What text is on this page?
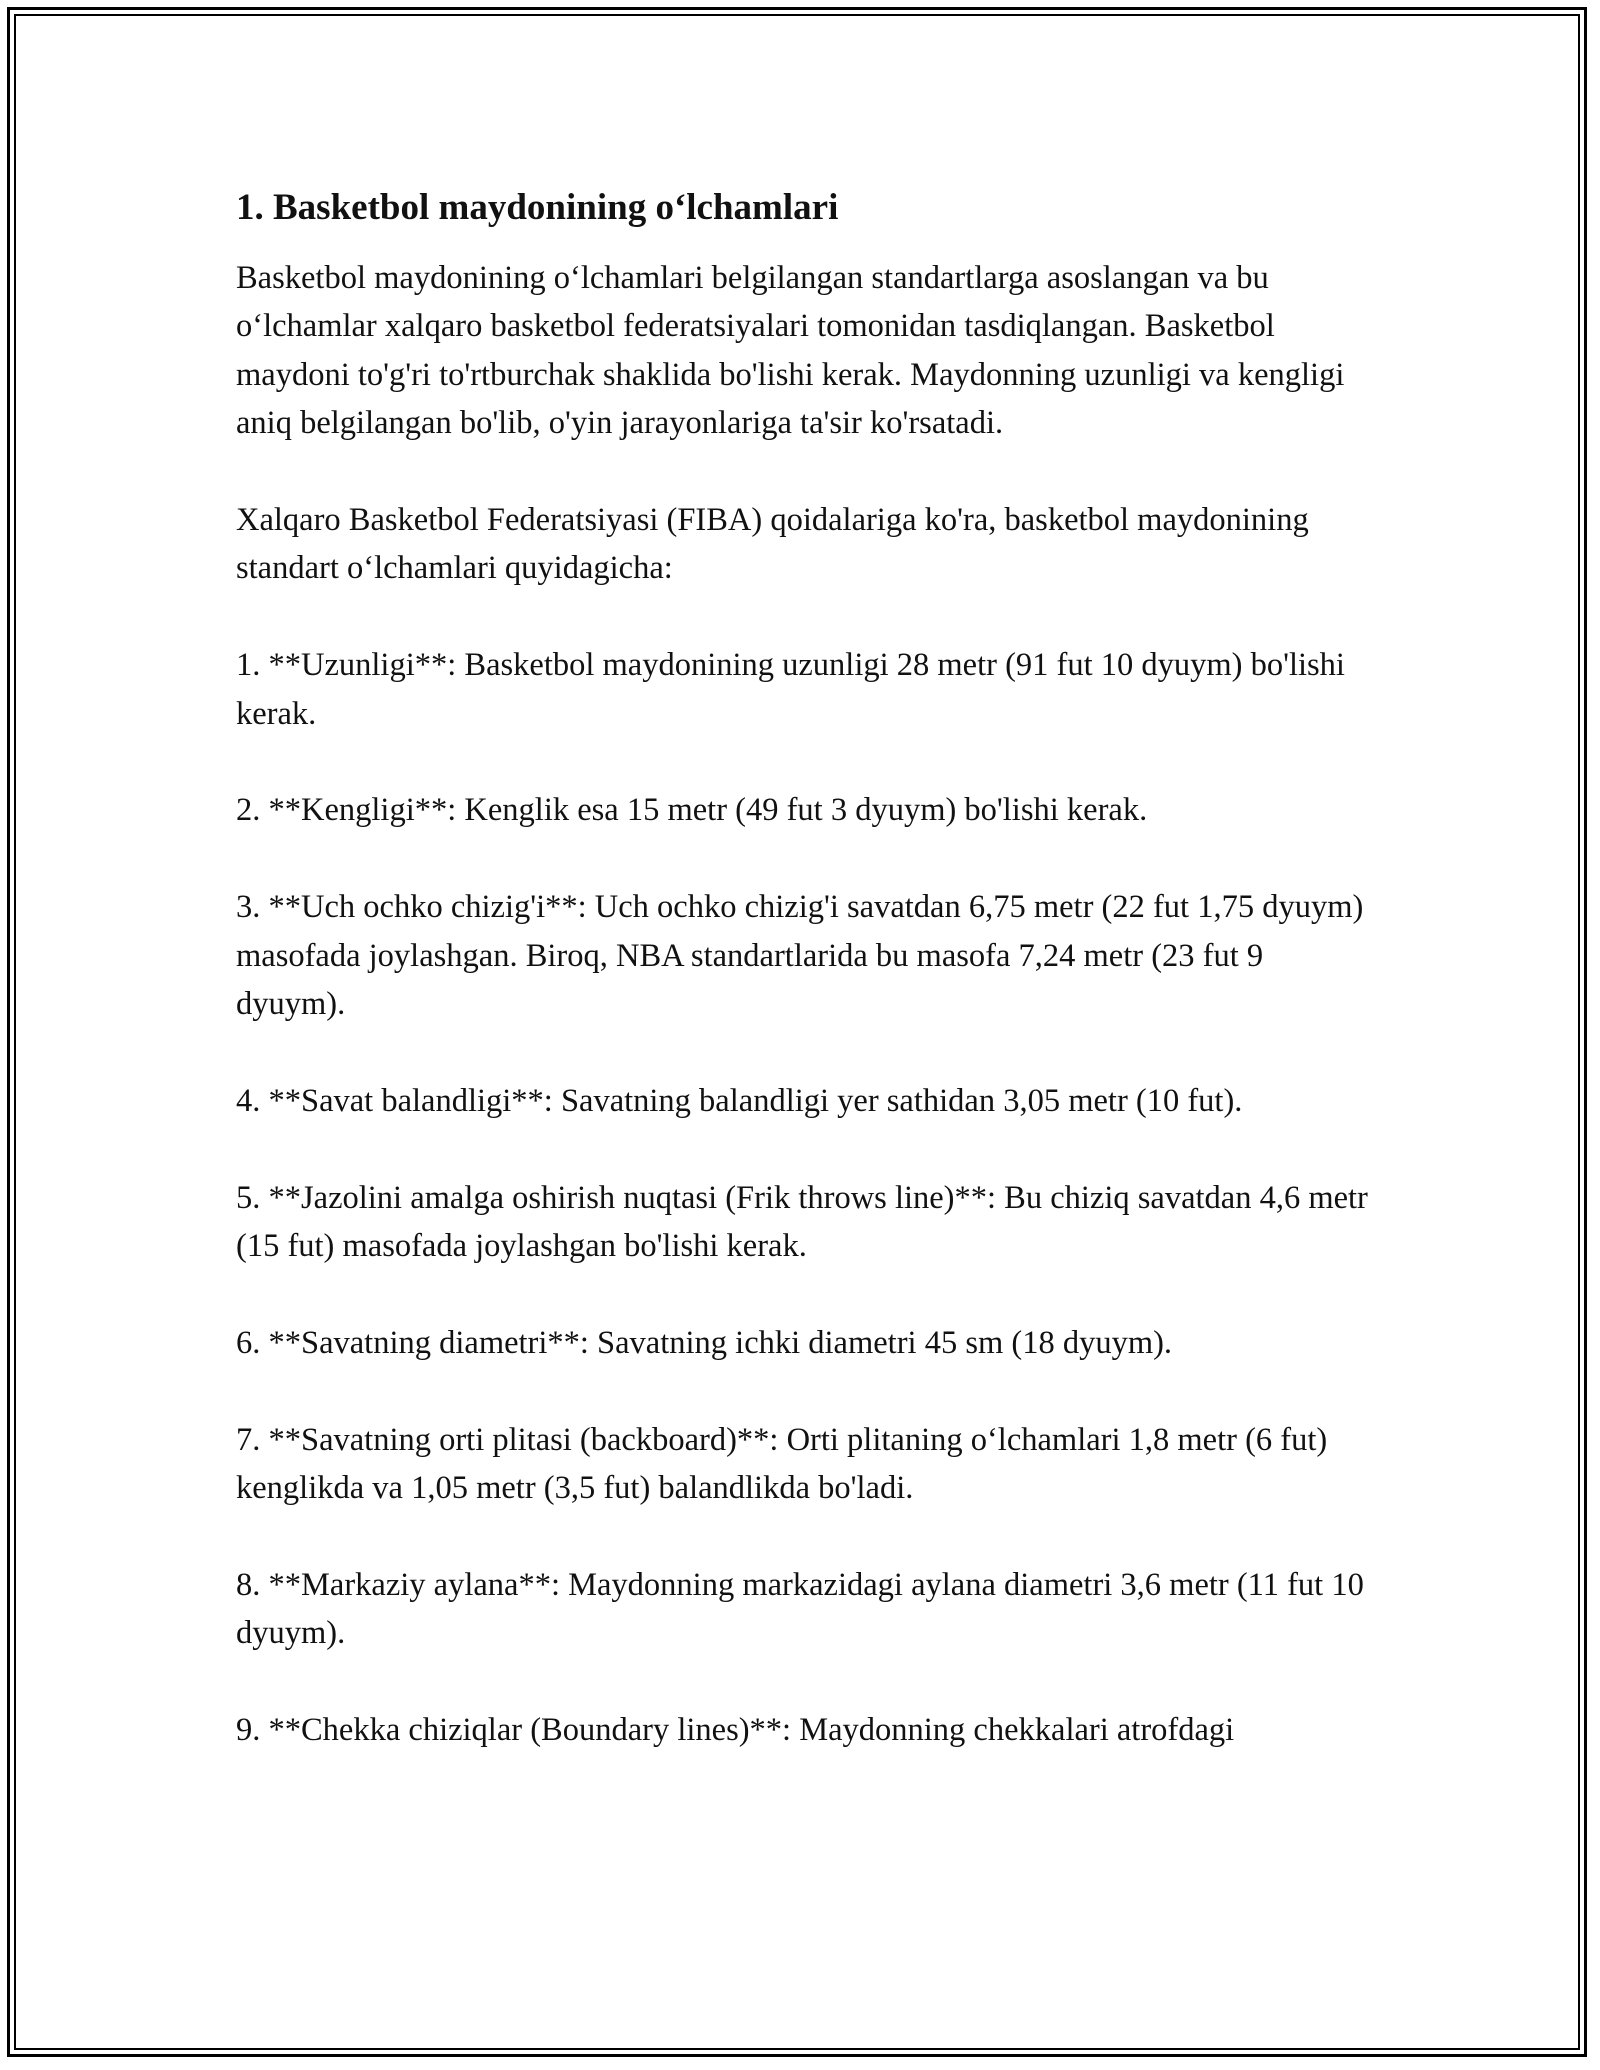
1. Basketbol maydonining o‘lchamlari

Basketbol maydonining o‘lchamlari belgilangan standartlarga asoslangan va bu o‘lchamlar xalqaro basketbol federatsiyalari tomonidan tasdiqlangan. Basketbol maydoni to'g'ri to'rtburchak shaklida bo'lishi kerak. Maydonning uzunligi va kengligi aniq belgilangan bo'lib, o'yin jarayonlariga ta'sir ko'rsatadi.

Xalqaro Basketbol Federatsiyasi (FIBA) qoidalariga ko'ra, basketbol maydonining standart o‘lchamlari quyidagicha:

1. **Uzunligi**: Basketbol maydonining uzunligi 28 metr (91 fut 10 dyuym) bo'lishi kerak.

2. **Kengligi**: Kenglik esa 15 metr (49 fut 3 dyuym) bo'lishi kerak.

3. **Uch ochko chizig'i**: Uch ochko chizig'i savatdan 6,75 metr (22 fut 1,75 dyuym) masofada joylashgan. Biroq, NBA standartlarida bu masofa 7,24 metr (23 fut 9 dyuym).

4. **Savat balandligi**: Savatning balandligi yer sathidan 3,05 metr (10 fut).

5. **Jazolini amalga oshirish nuqtasi (Frik throws line)**: Bu chiziq savatdan 4,6 metr (15 fut) masofada joylashgan bo'lishi kerak.

6. **Savatning diametri**: Savatning ichki diametri 45 sm (18 dyuym).

7. **Savatning orti plitasi (backboard)**: Orti plitaning o‘lchamlari 1,8 metr (6 fut) kenglikda va 1,05 metr (3,5 fut) balandlikda bo'ladi.

8. **Markaziy aylana**: Maydonning markazidagi aylana diametri 3,6 metr (11 fut 10 dyuym).

9. **Chekka chiziqlar (Boundary lines)**: Maydonning chekkalari atrofdagi
